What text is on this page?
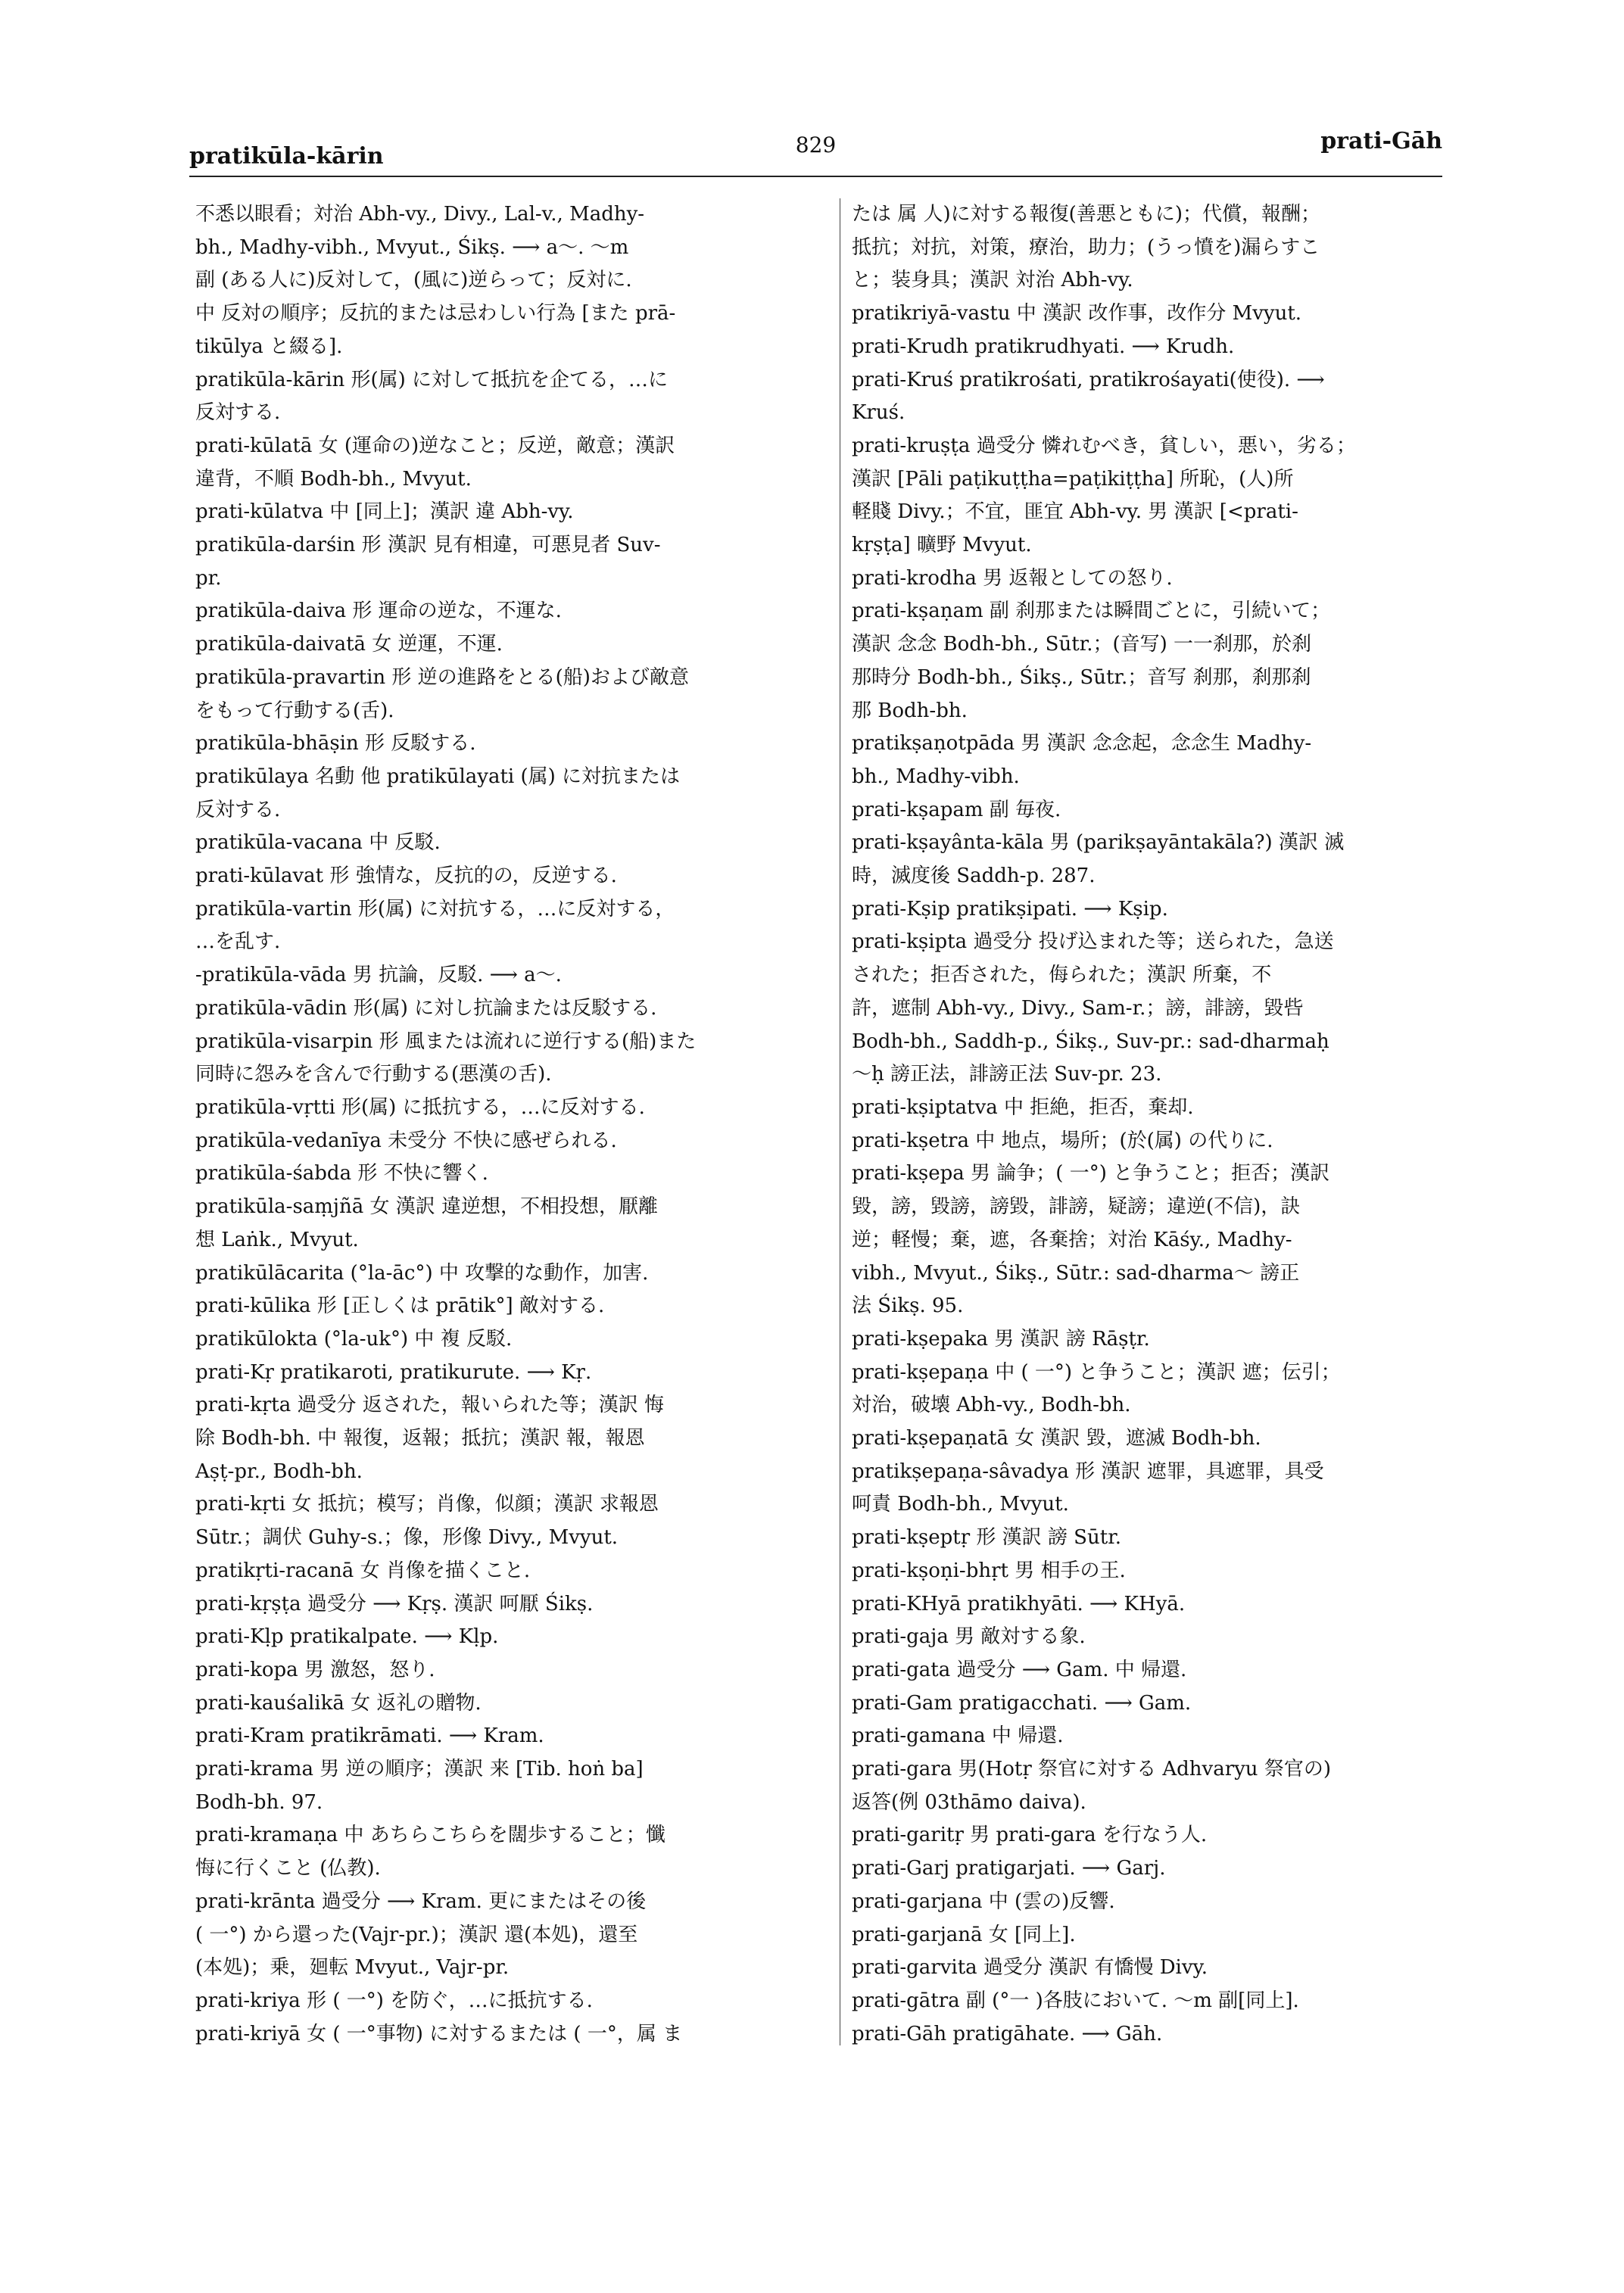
pratikūla-kārin	829	prati-Gāh

不悉以眼看；対治 Abh-vy., Divy., Lal-v., Madhy-

bh., Madhy-vibh., Mvyut., Śikṣ. ⟶ a〜. 〜m

副 (ある人に)反対して，(風に)逆らって；反対に.

中 反対の順序；反抗的または忌わしい行為 [また prā-

tikūlya と綴る].

pratikūla-kārin 形(属) に対して抵抗を企てる，…に

反対する.

prati-kūlatā 女 (運命の)逆なこと；反逆，敵意；漢訳

違背，不順 Bodh-bh., Mvyut.

prati-kūlatva 中 [同上]；漢訳 違 Abh-vy.

pratikūla-darśin 形 漢訳 見有相違，可悪見者 Suv-

pr.

pratikūla-daiva 形 運命の逆な，不運な.

pratikūla-daivatā 女 逆運，不運.

pratikūla-pravartin 形 逆の進路をとる(船)および敵意

をもって行動する(舌).

pratikūla-bhāṣin 形 反駁する.

pratikūlaya 名動 他 pratikūlayati (属) に対抗または

反対する.

pratikūla-vacana 中 反駁.

prati-kūlavat 形 強情な，反抗的の，反逆する.

pratikūla-vartin 形(属) に対抗する，…に反対する，

…を乱す.

-pratikūla-vāda 男 抗論，反駁. ⟶ a〜.

pratikūla-vādin 形(属) に対し抗論または反駁する.

pratikūla-visarpin 形 風または流れに逆行する(船)また

同時に怨みを含んで行動する(悪漢の舌).

pratikūla-vṛtti 形(属) に抵抗する，…に反対する.

pratikūla-vedanīya 未受分 不快に感ぜられる.

pratikūla-śabda 形 不快に響く.

pratikūla-saṃjñā 女 漢訳 違逆想，不相投想，厭離

想 Laṅk., Mvyut.

pratikūlācarita (°la-āc°) 中 攻撃的な動作，加害.

prati-kūlika 形 [正しくは prātik°] 敵対する.

pratikūlokta (°la-uk°) 中 複 反駁.

prati-Kṛ pratikaroti, pratikurute. ⟶ Kṛ.

prati-kṛta 過受分 返された，報いられた等；漢訳 悔

除 Bodh-bh. 中 報復，返報；抵抗；漢訳 報，報恩

Aṣṭ-pr., Bodh-bh.

prati-kṛti 女 抵抗；模写；肖像，似顔；漢訳 求報恩

Sūtr.；調伏 Guhy-s.；像，形像 Divy., Mvyut.

pratikṛti-racanā 女 肖像を描くこと.

prati-kṛṣṭa 過受分 ⟶ Kṛṣ. 漢訳 呵厭 Śikṣ.

prati-Kḷp pratikalpate. ⟶ Kḷp.

prati-kopa 男 激怒，怒り.

prati-kauśalikā 女 返礼の贈物.

prati-Kram pratikrāmati. ⟶ Kram.

prati-krama 男 逆の順序；漢訳 来 [Tib. hoṅ ba]

Bodh-bh. 97.

prati-kramaṇa 中 あちらこちらを闊歩すること；懺

悔に行くこと (仏教).

prati-krānta 過受分 ⟶ Kram. 更にまたはその後

( 一°) から還った(Vajr-pr.)；漢訳 還(本処)，還至

(本処)；乗，廻転 Mvyut., Vajr-pr.

prati-kriya 形 ( 一°) を防ぐ，…に抵抗する.

prati-kriyā 女 ( 一°事物) に対するまたは ( 一°，属 ま

たは 属 人)に対する報復(善悪ともに)；代償，報酬；

抵抗；対抗，対策，療治，助力；(うっ憤を)漏らすこ

と；装身具；漢訳 対治 Abh-vy.

pratikriyā-vastu 中 漢訳 改作事，改作分 Mvyut.

prati-Krudh pratikrudhyati. ⟶ Krudh.

prati-Kruś pratikrośati, pratikrośayati(使役). ⟶

Kruś.

prati-kruṣṭa 過受分 憐れむべき，貧しい，悪い，劣る；

漢訳 [Pāli paṭikuṭṭha=paṭikiṭṭha] 所恥，(人)所

軽賤 Divy.；不宜，匪宜 Abh-vy. 男 漢訳 [<prati-

kṛṣṭa] 曠野 Mvyut.

prati-krodha 男 返報としての怒り.

prati-kṣaṇam 副 刹那または瞬間ごとに，引続いて；

漢訳 念念 Bodh-bh., Sūtr.；(音写) 一一刹那，於刹

那時分 Bodh-bh., Śikṣ., Sūtr.；音写 刹那，刹那刹

那 Bodh-bh.

pratikṣaṇotpāda 男 漢訳 念念起，念念生 Madhy-

bh., Madhy-vibh.

prati-kṣapam 副 毎夜.

prati-kṣayânta-kāla 男 (parikṣayāntakāla?) 漢訳 滅

時，滅度後 Saddh-p. 287.

prati-Kṣip pratikṣipati. ⟶ Kṣip.

prati-kṣipta 過受分 投げ込まれた等；送られた，急送

された；拒否された，侮られた；漢訳 所棄，不

許，遮制 Abh-vy., Divy., Sam-r.；謗，誹謗，毀呰

Bodh-bh., Saddh-p., Śikṣ., Suv-pr.: sad-dharmaḥ

〜ḥ 謗正法，誹謗正法 Suv-pr. 23.

prati-kṣiptatva 中 拒絶，拒否，棄却.

prati-kṣetra 中 地点，場所；(於(属) の代りに.

prati-kṣepa 男 論争；( 一°) と争うこと；拒否；漢訳

毀，謗，毀謗，謗毀，誹謗，疑謗；違逆(不信)，訣

逆；軽慢；棄，遮，各棄捨；対治 Kāśy., Madhy-

vibh., Mvyut., Śikṣ., Sūtr.: sad-dharma〜 謗正

法 Śikṣ. 95.

prati-kṣepaka 男 漢訳 謗 Rāṣṭr.

prati-kṣepaṇa 中 ( 一°) と争うこと；漢訳 遮；伝引；

対治，破壊 Abh-vy., Bodh-bh.

prati-kṣepaṇatā 女 漢訳 毀，遮滅 Bodh-bh.

pratikṣepaṇa-sâvadya 形 漢訳 遮罪，具遮罪，具受

呵責 Bodh-bh., Mvyut.

prati-kṣeptṛ 形 漢訳 謗 Sūtr.

prati-kṣoṇi-bhṛt 男 相手の王.

prati-KHyā pratikhyāti. ⟶ KHyā.

prati-gaja 男 敵対する象.

prati-gata 過受分 ⟶ Gam. 中 帰還.

prati-Gam pratigacchati. ⟶ Gam.

prati-gamana 中 帰還.

prati-gara 男(Hotṛ 祭官に対する Adhvaryu 祭官の)

返答(例 03thāmo daiva).

prati-garitṛ 男 prati-gara を行なう人.

prati-Garj pratigarjati. ⟶ Garj.

prati-garjana 中 (雲の)反響.

prati-garjanā 女 [同上].

prati-garvita 過受分 漢訳 有憍慢 Divy.

prati-gātra 副 (°一 )各肢において. 〜m 副[同上].

prati-Gāh pratigāhate. ⟶ Gāh.
